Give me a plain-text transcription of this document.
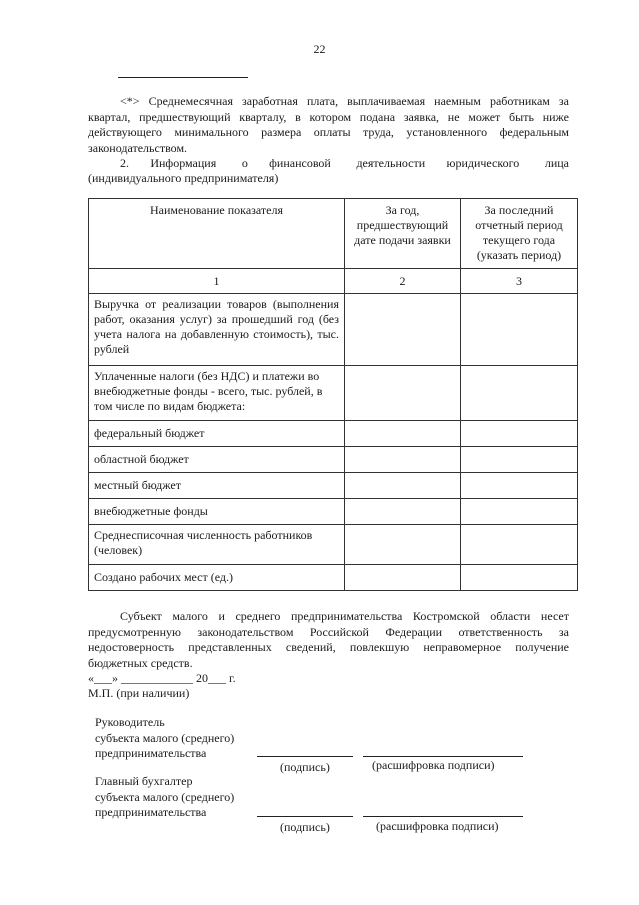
22
<*> Среднемесячная заработная плата, выплачиваемая наемным работникам за квартал, предшествующий кварталу, в котором подана заявка, не может быть ниже действующего минимального размера оплаты труда, установленного федеральным законодательством.
2.     Информация      о     финансовой      деятельности     юридического      лица
(индивидуального предпринимателя)
Наименование показателя	За год, предшествующий дате подачи заявки	За последний отчетный период текущего года (указать период)
1	2	3
Выручка от реализации товаров (выполнения работ, оказания услуг) за прошедший год (без учета налога на добавленную стоимость), тыс. рублей		
Уплаченные налоги (без НДС) и платежи во внебюджетные фонды - всего, тыс. рублей, в том числе по видам бюджета:		
федеральный бюджет		
областной бюджет		
местный бюджет		
внебюджетные фонды		
Среднесписочная численность работников (человек)		
Создано рабочих мест (ед.)		
Субъект малого и среднего предпринимательства Костромской области несет предусмотренную законодательством Российской Федерации ответственность за недостоверность представленных сведений, повлекшую неправомерное получение бюджетных средств.
«___» ____________ 20___ г.
М.П. (при наличии)
Руководитель
субъекта малого (среднего)
предпринимательства
(подпись)	(расшифровка подписи)
Главный бухгалтер
субъекта малого (среднего)
предпринимательства
(подпись)	(расшифровка подписи)
